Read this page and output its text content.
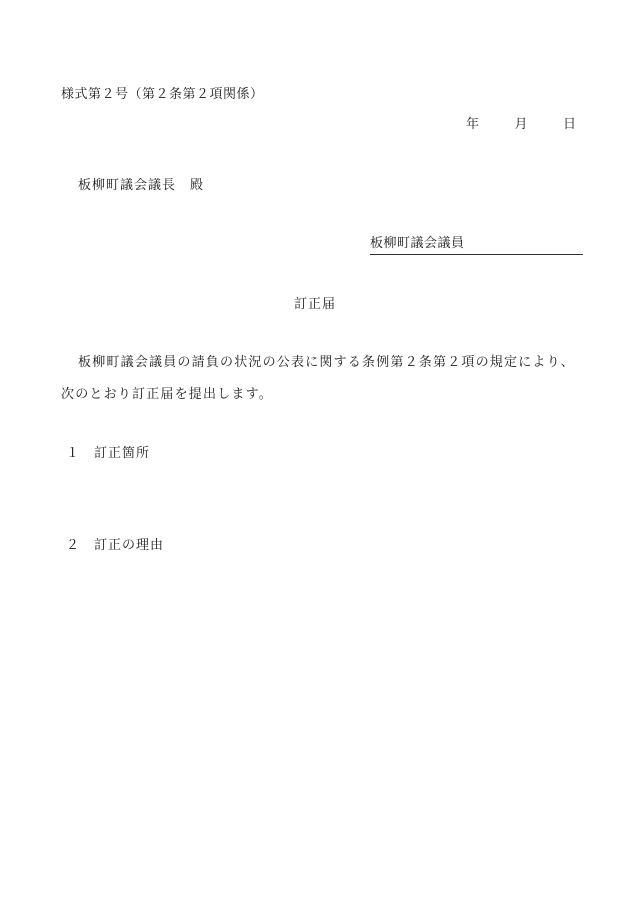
様式第２号（第２条第２項関係）
年	月	日
板柳町議会議長　殿
板柳町議会議員
訂正届
板柳町議会議員の請負の状況の公表に関する条例第２条第２項の規定により、
次のとおり訂正届を提出します。
１ 訂正箇所
２ 訂正の理由
